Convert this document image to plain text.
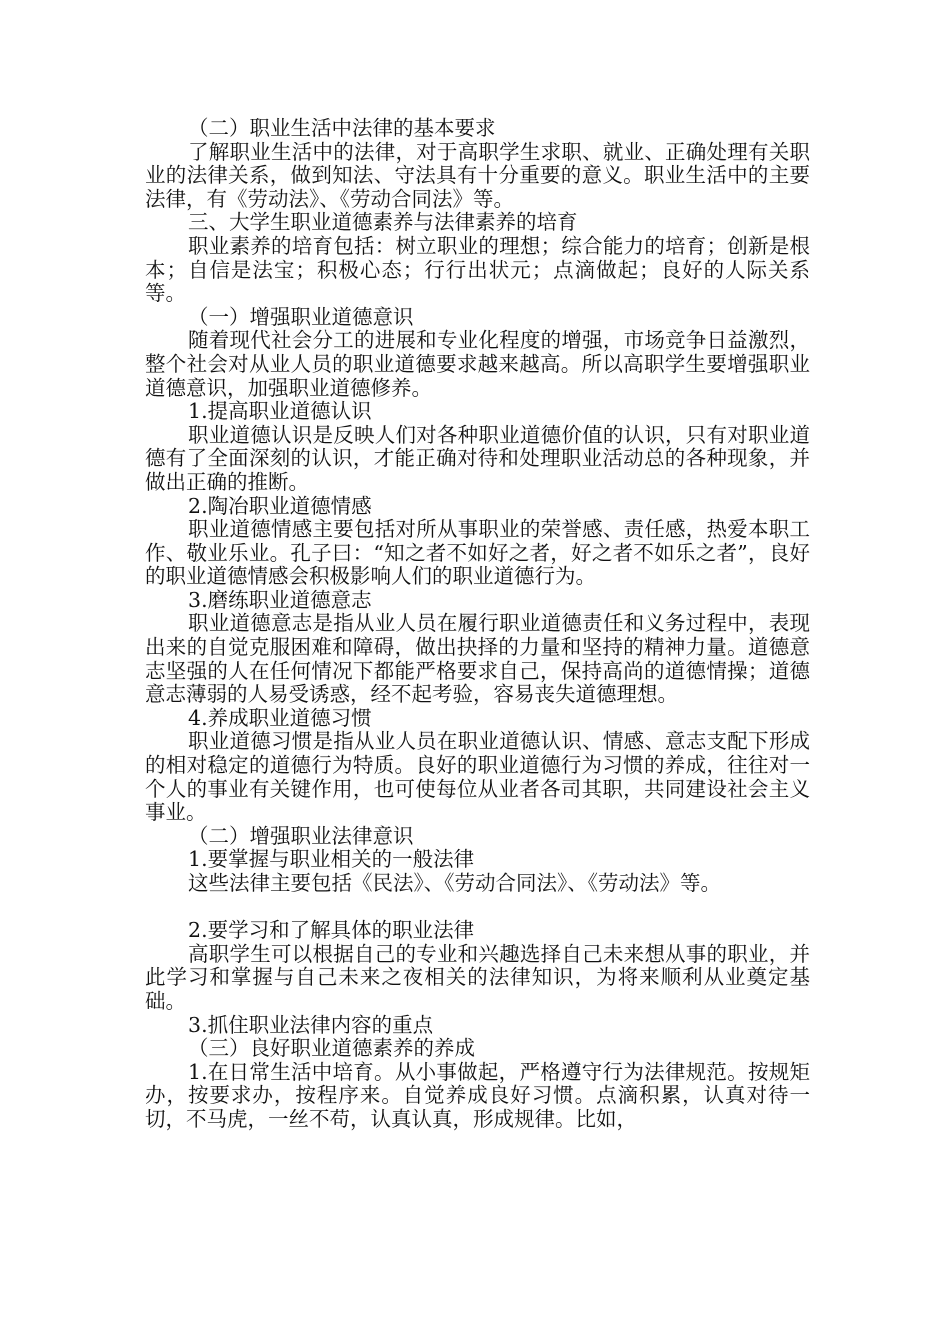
（二）职业生活中法律的基本要求

了解职业生活中的法律，对于高职学生求职、就业、正确处理有关职业的法律关系，做到知法、守法具有十分重要的意义。职业生活中的主要法律，有《劳动法》、《劳动合同法》等。

三、大学生职业道德素养与法律素养的培育

职业素养的培育包括：树立职业的理想；综合能力的培育；创新是根本；自信是法宝；积极心态；行行出状元；点滴做起；良好的人际关系等。

（一）增强职业道德意识

随着现代社会分工的进展和专业化程度的增强，市场竞争日益激烈，整个社会对从业人员的职业道德要求越来越高。所以高职学生要增强职业道德意识，加强职业道德修养。

1.提高职业道德认识

职业道德认识是反映人们对各种职业道德价值的认识，只有对职业道德有了全面深刻的认识，才能正确对待和处理职业活动总的各种现象，并做出正确的推断。

2.陶冶职业道德情感

职业道德情感主要包括对所从事职业的荣誉感、责任感，热爱本职工作、敬业乐业。孔子曰：“知之者不如好之者，好之者不如乐之者”，良好的职业道德情感会积极影响人们的职业道德行为。

3.磨练职业道德意志

职业道德意志是指从业人员在履行职业道德责任和义务过程中，表现出来的自觉克服困难和障碍，做出抉择的力量和坚持的精神力量。道德意志坚强的人在任何情况下都能严格要求自己，保持高尚的道德情操；道德意志薄弱的人易受诱惑，经不起考验，容易丧失道德理想。

4.养成职业道德习惯

职业道德习惯是指从业人员在职业道德认识、情感、意志支配下形成的相对稳定的道德行为特质。良好的职业道德行为习惯的养成，往往对一个人的事业有关键作用，也可使每位从业者各司其职，共同建设社会主义事业。

（二）增强职业法律意识

1.要掌握与职业相关的一般法律

这些法律主要包括《民法》、《劳动合同法》、《劳动法》等。

2.要学习和了解具体的职业法律

高职学生可以根据自己的专业和兴趣选择自己未来想从事的职业，并此学习和掌握与自己未来之夜相关的法律知识，为将来顺利从业奠定基础。

3.抓住职业法律内容的重点

（三）良好职业道德素养的养成

1.在日常生活中培育。从小事做起，严格遵守行为法律规范。按规矩办，按要求办，按程序来。自觉养成良好习惯。点滴积累，认真对待一切，不马虎，一丝不苟，认真认真，形成规律。比如，
